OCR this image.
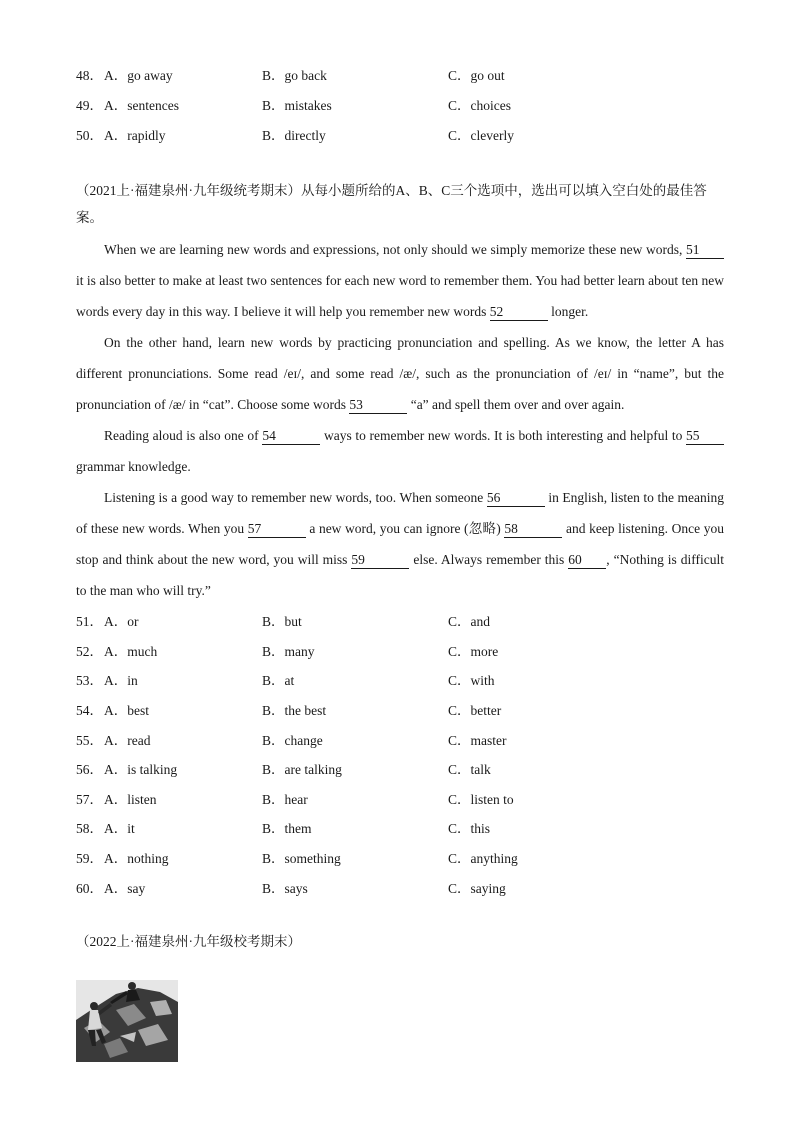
48． A．go away	B．go back	C．go out
49． A．sentences	B．mistakes	C．choices
50． A．rapidly	B．directly	C．cleverly
（2021上·福建泉州·九年级统考期末）从每小题所给的A、B、C三个选项中，选出可以填入空白处的最佳答案。

When we are learning new words and expressions, not only should we simply memorize these new words, 51 it is also better to make at least two sentences for each new word to remember them. You had better learn about ten new words every day in this way. I believe it will help you remember new words 52	longer.

On the other hand, learn new words by practicing pronunciation and spelling. As we know, the letter A has different pronunciations. Some read /eɪ/, and some read /æ/, such as the pronunciation of /eɪ/ in “name”, but the pronunciation of /æ/ in “cat”. Choose some words 53	“a” and spell them over and over again.

Reading aloud is also one of 54	ways to remember new words. It is both interesting and helpful to 55 grammar knowledge.

Listening is a good way to remember new words, too. When someone 56	in English, listen to the meaning of these new words. When you 57	a new word, you can ignore (忽略) 58	and keep listening. Once you stop and think about the new word, you will miss 59	else. Always remember this 60 , “Nothing is difficult to the man who will try.”

51． A．or	B．but	C．and
52． A．much	B．many	C．more
53． A．in	B．at	C．with
54． A．best	B．the best	C．better
55． A．read	B．change	C．master
56． A．is talking	B．are talking	C．talk
57． A．listen	B．hear	C．listen to
58． A．it	B．them	C．this
59． A．nothing	B．something	C．anything
60． A．say	B．says	C．saying
（2022上·福建泉州·九年级校考期末）
